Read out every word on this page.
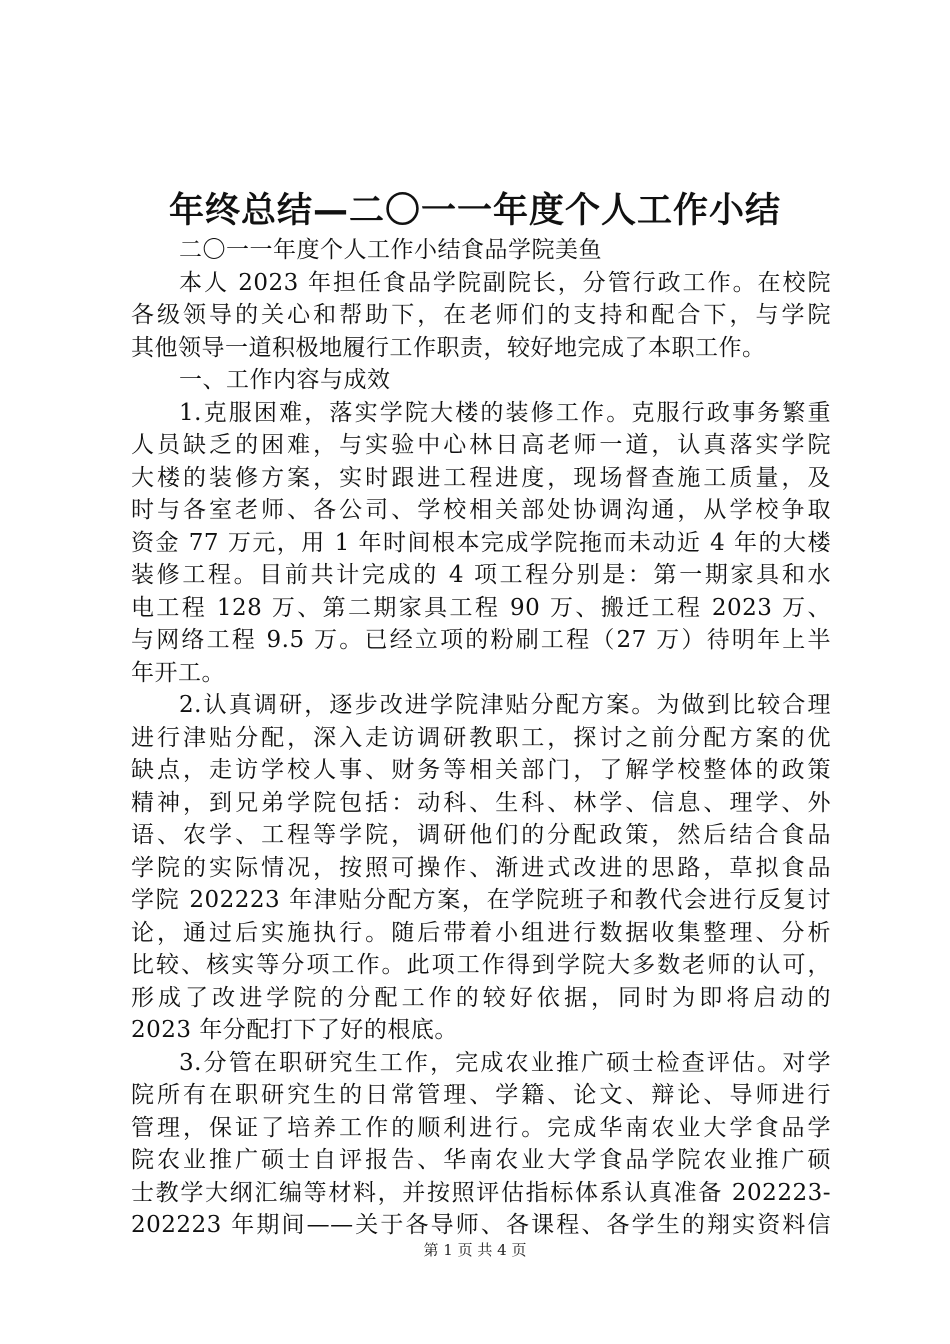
年终总结—二〇一一年度个人工作小结
二〇一一年度个人工作小结食品学院美鱼
本人 2023 年担任食品学院副院长，分管行政工作。在校院
各级领导的关心和帮助下，在老师们的支持和配合下，与学院
其他领导一道积极地履行工作职责，较好地完成了本职工作。
一、工作内容与成效
1.克服困难，落实学院大楼的装修工作。克服行政事务繁重
人员缺乏的困难，与实验中心林日高老师一道，认真落实学院
大楼的装修方案，实时跟进工程进度，现场督查施工质量，及
时与各室老师、各公司、学校相关部处协调沟通，从学校争取
资金 77 万元，用 1 年时间根本完成学院拖而未动近 4 年的大楼
装修工程。目前共计完成的 4 项工程分别是：第一期家具和水
电工程 128 万、第二期家具工程 90 万、搬迁工程 2023 万、
与网络工程 9.5 万。已经立项的粉刷工程（27 万）待明年上半
年开工。
2.认真调研，逐步改进学院津贴分配方案。为做到比较合理
进行津贴分配，深入走访调研教职工，探讨之前分配方案的优
缺点，走访学校人事、财务等相关部门，了解学校整体的政策
精神，到兄弟学院包括：动科、生科、林学、信息、理学、外
语、农学、工程等学院，调研他们的分配政策，然后结合食品
学院的实际情况，按照可操作、渐进式改进的思路，草拟食品
学院 202223 年津贴分配方案，在学院班子和教代会进行反复讨
论，通过后实施执行。随后带着小组进行数据收集整理、分析
比较、核实等分项工作。此项工作得到学院大多数老师的认可，
形成了改进学院的分配工作的较好依据，同时为即将启动的
2023 年分配打下了好的根底。
3.分管在职研究生工作，完成农业推广硕士检查评估。对学
院所有在职研究生的日常管理、学籍、论文、辩论、导师进行
管理，保证了培养工作的顺利进行。完成华南农业大学食品学
院农业推广硕士自评报告、华南农业大学食品学院农业推广硕
士教学大纲汇编等材料，并按照评估指标体系认真准备 202223-
202223 年期间——关于各导师、各课程、各学生的翔实资料信
第 1 页 共 4 页
